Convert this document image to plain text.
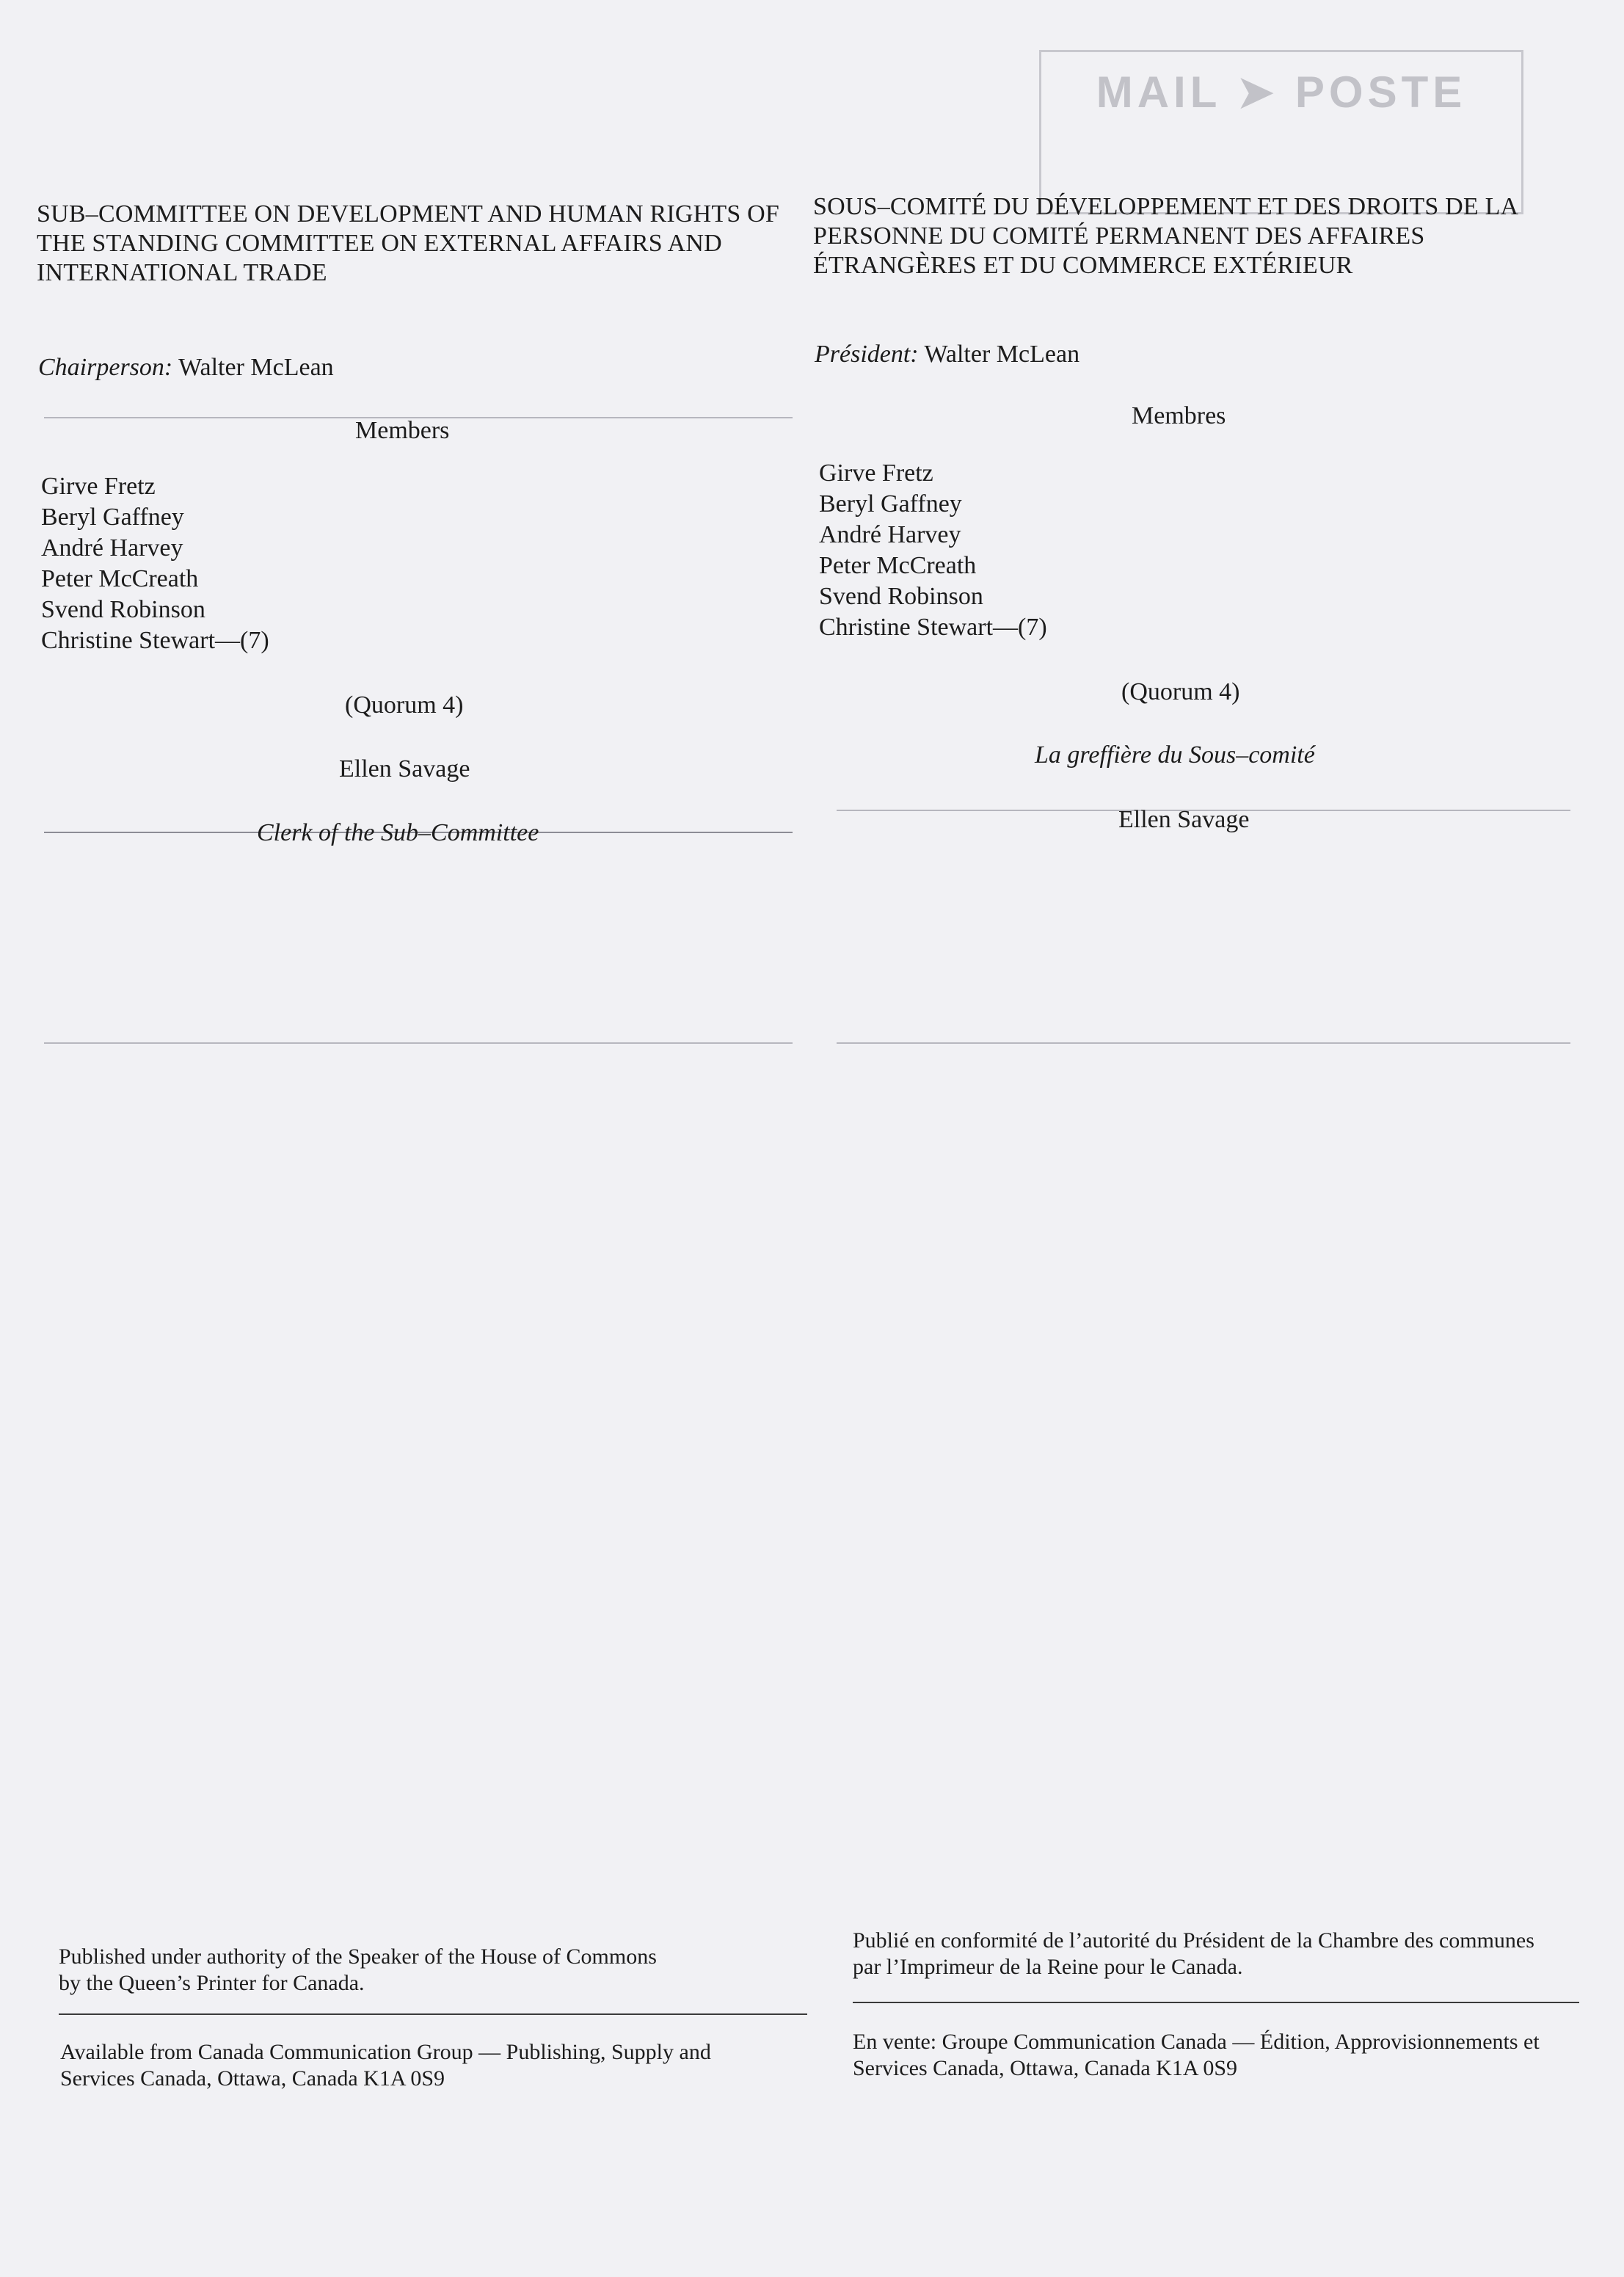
MAIL ➤ POSTE
SUB–COMMITTEE ON DEVELOPMENT AND HUMAN RIGHTS OF THE STANDING COMMITTEE ON EXTERNAL AFFAIRS AND INTERNATIONAL TRADE
Chairperson: Walter McLean
Members
Girve Fretz
Beryl Gaffney
André Harvey
Peter McCreath
Svend Robinson
Christine Stewart—(7)
(Quorum 4)
Ellen Savage
Clerk of the Sub–Committee
SOUS–COMITÉ DU DÉVELOPPEMENT ET DES DROITS DE LA PERSONNE DU COMITÉ PERMANENT DES AFFAIRES ÉTRANGÈRES ET DU COMMERCE EXTÉRIEUR
Président: Walter McLean
Membres
Girve Fretz
Beryl Gaffney
André Harvey
Peter McCreath
Svend Robinson
Christine Stewart—(7)
(Quorum 4)
La greffière du Sous–comité
Ellen Savage
Published under authority of the Speaker of the House of Commons by the Queen’s Printer for Canada.
Available from Canada Communication Group — Publishing, Supply and Services Canada, Ottawa, Canada K1A 0S9
Publié en conformité de l’autorité du Président de la Chambre des communes par l’Imprimeur de la Reine pour le Canada.
En vente: Groupe Communication Canada — Édition, Approvisionnements et Services Canada, Ottawa, Canada K1A 0S9
